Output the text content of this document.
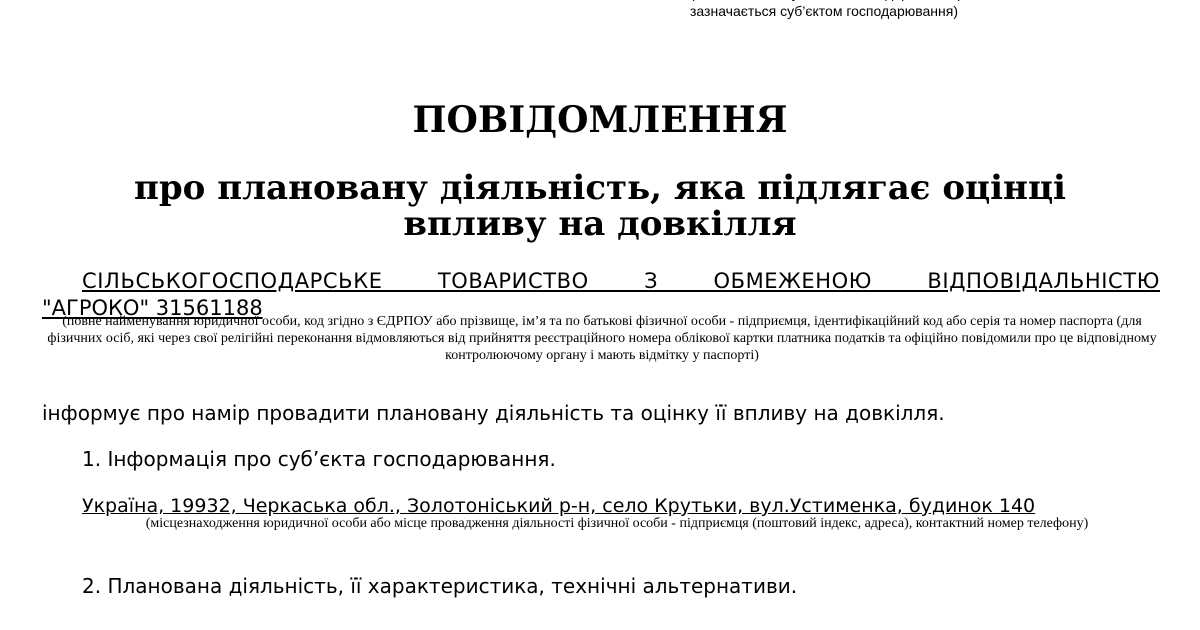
зазначається суб’єктом господарювання)
ПОВІДОМЛЕННЯ
про плановану діяльність, яка підлягає оцінці
впливу на довкілля
СІЛЬСЬКОГОСПОДАРСЬКЕ ТОВАРИСТВО З ОБМЕЖЕНОЮ ВІДПОВІДАЛЬНІСТЮ
"АГРОКО" 31561188
(повне найменування юридичної особи, код згідно з ЄДРПОУ або прізвище, ім’я та по батькові фізичної особи - підприємця, ідентифікаційний код або серія та номер паспорта (для фізичних осіб, які через свої релігійні переконання відмовляються від прийняття реєстраційного номера облікової картки платника податків та офіційно повідомили про це відповідному контролюючому органу і мають відмітку у паспорті)
інформує про намір провадити плановану діяльність та оцінку її впливу на довкілля.
1. Інформація про суб’єкта господарювання.
Україна, 19932, Черкаська обл., Золотоніський р-н, село Крутьки, вул.Устименка, будинок 140
(місцезнаходження юридичної особи або місце провадження діяльності фізичної особи - підприємця (поштовий індекс, адреса), контактний номер телефону)
2. Планована діяльність, її характеристика, технічні альтернативи.
